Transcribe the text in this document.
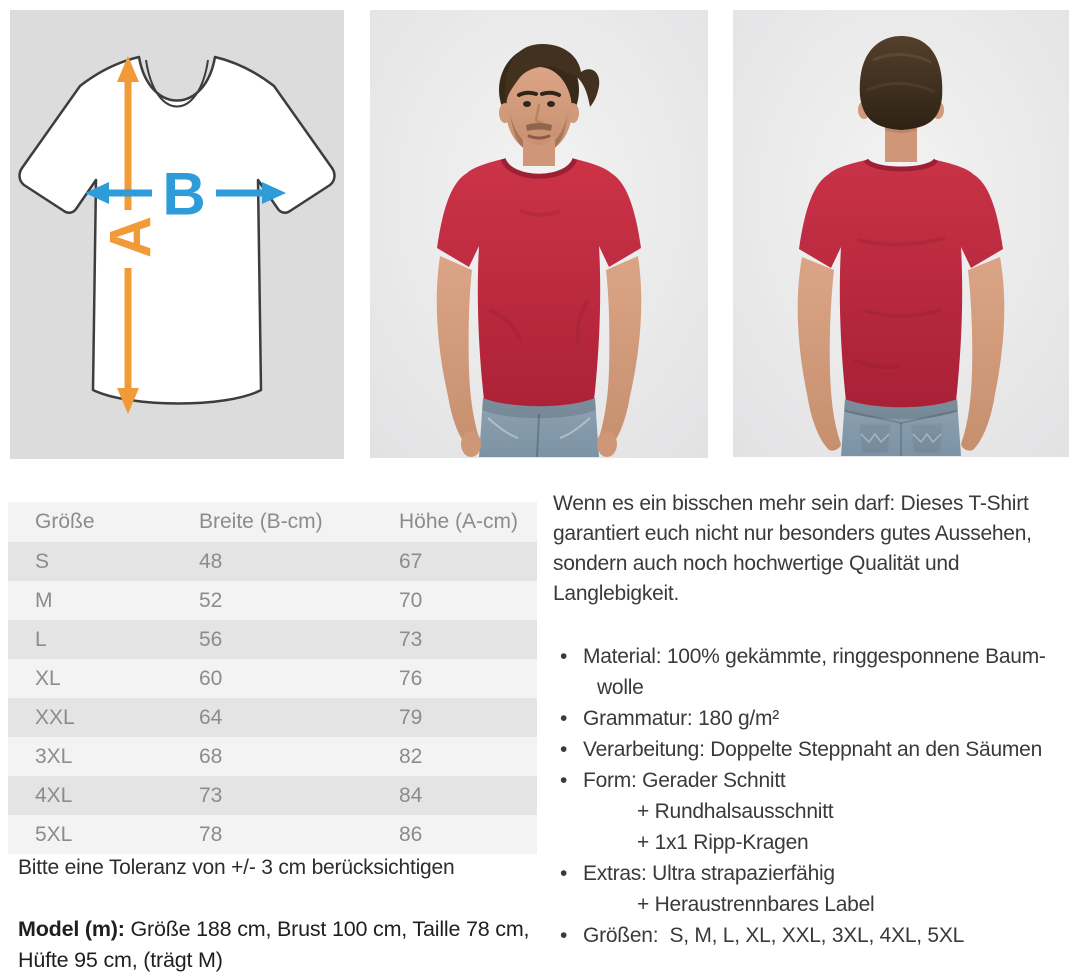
A
B
Größe	Breite (B-cm)	Höhe (A-cm)
S	48	67
M	52	70
L	56	73
XL	60	76
XXL	64	79
3XL	68	82
4XL	73	84
5XL	78	86
Bitte eine Toleranz von +/- 3 cm berücksichtigen

Model (m): Größe 188 cm, Brust 100 cm, Taille 78 cm, Hüfte 95 cm, (trägt M)

Wenn es ein bisschen mehr sein darf: Dieses T-Shirt garantiert euch nicht nur besonders gutes Aussehen, sondern auch noch hochwertige Qualität und Langlebigkeit.

• Material: 100% gekämmte, ringgesponnene Baum-
wolle
• Grammatur: 180 g/m²
• Verarbeitung: Doppelte Steppnaht an den Säumen
• Form: Gerader Schnitt
+ Rundhalsausschnitt
+ 1x1 Ripp-Kragen
• Extras: Ultra strapazierfähig
+ Heraustrennbares Label
• Größen:  S, M, L, XL, XXL, 3XL, 4XL, 5XL
